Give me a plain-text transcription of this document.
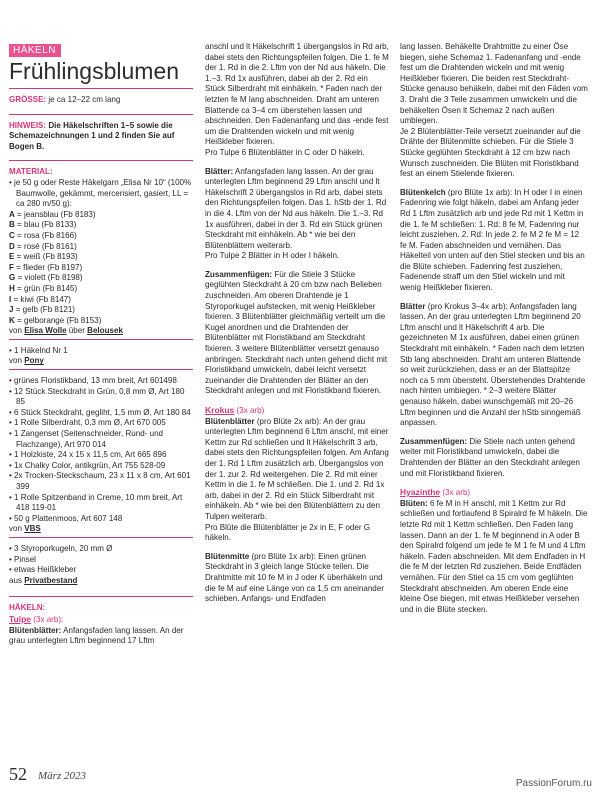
HÄKELN
Frühlingsblumen

GRÖSSE: je ca 12–22 cm lang

HINWEIS: Die Häkelschriften 1–5 sowie die Schemazeichnungen 1 und 2 finden Sie auf Bogen B.

MATERIAL:

• je 50 g oder Reste Häkelgarn „Elisa Nr 10“ (100% Baumwolle, gekämmt, mercerisiert, gasiert, LL = ca 280 m/50 g):

A = jeansblau (Fb 8183)

B = blau (Fb 8133)

C = rosa (Fb 8166)

D = rosé (Fb 8161)

E = weiß (Fb 8193)

F = flieder (Fb 8197)

G = violett (Fb 8198)

H = grün (Fb 8145)

I = kiwi (Fb 8147)

J = gelb (Fb 8121)

K = gelborange (Fb 8153)

von Elisa Wolle über Belousek

• 1 Häkelnd Nr 1

von Pony

• grünes Floristikband, 13 mm breit, Art 601498

• 12 Stück Steckdraht in Grün, 0,8 mm Ø, Art 180 85

• 6 Stück Steckdraht, gegliht, 1,5 mm Ø, Art 180 84

• 1 Rolle Silberdraht, 0,3 mm Ø, Art 670 005

• 1 Zangenset (Seitenschneider, Rund- und Flachzange), Art 970 014

• 1 Holzkiste, 24 x 15 x 11,5 cm, Art 665 896

• 1x Chalky Color, antikgrün, Art 755 528-09

• 2x Trocken-Steckschaum, 23 x 11 x 8 cm, Art 601 399

• 1 Rolle Spitzenband in Creme, 10 mm breit, Art 418 119-01

• 50 g Plattenmoos, Art 607 148

von VBS

• 3 Styroporkugeln, 20 mm Ø

• Pinsel

• etwas Heißkleber

aus Privatbestand

HÄKELN:

Tulpe (3x arb):

Blütenblätter: Anfangsfaden lang lassen. An der grau unterlegten Lftm beginnend 17 Lftm

anschl und lt Häkelschrift 1 übergangslos in Rd arb, dabei stets den Richtungspfeilen folgen. Die 1. fe M der 1. Rd in die 2. Lftm von der Nd aus häkeln. Die 1.–3. Rd 1x ausführen, dabei ab der 2. Rd ein Stück Silberdraht mit einhäkeln. * Faden nach der letzten fe M lang abschneiden. Draht am unteren Blattende ca 3–4 cm überstehen lassen und abschneiden. Den Fadenanfang und das -ende fest um die Drahtenden wickeln und mit wenig Heißkleber fixieren.

Pro Tulpe 6 Blütenblätter in C oder D häkeln.

Blätter: Anfangsfaden lang lassen. An der grau unterlegten Lftm beginnend 29 Lftm anschl und lt Häkelschrift 2 übergangslos in Rd arb, dabei stets den Richtungspfeilen folgen. Das 1. hStb der 1. Rd in die 4. Lftm von der Nd aus häkeln. Die 1.–3. Rd 1x ausführen, dabei in der 3. Rd ein Stück grünen Steckdraht mit einhäkeln. Ab * wie bei den Blütenblättern weiterarb.

Pro Tulpe 2 Blätter in H oder I häkeln.

Zusammenfügen: Für die Stiele 3 Stücke geglühten Steckdraht à 20 cm bzw nach Belieben zuschneiden. Am oberen Drahtende je 1 Styroporkugel aufstecken, mit wenig Heißkleber fixieren. 3 Blütenblätter gleichmäßig verteilt um die Kugel anordnen und die Drahtenden der Blütenblätter mit Floristikband am Steckdraht fixieren. 3 weitere Blütenblätter versetzt genauso anbringen. Steckdraht nach unten gehend dicht mit Floristikband umwickeln, dabei leicht versetzt zueinander die Drahtenden der Blätter an den Steckdraht anlegen und mit Floristikband fixieren.

Krokus (3x arb)

Blütenblätter (pro Blüte 2x arb): An der grau unterlegten Lftm beginnend 6 Lftm anschl, mit einer Kettm zur Rd schließen und lt Häkelschrift 3 arb, dabei stets den Richtungspfeilen folgen. Am Anfang der 1. Rd 1 Lftm zusätzlich arb. Übergangslos von der 1. zur 2. Rd weitergehen. Die 2. Rd mit einer Kettm in die 1. fe M schließen. Die 1. und 2. Rd 1x arb, dabei in der 2. Rd ein Stück Silberdraht mit einhäkeln. Ab * wie bei den Blütenblättern zu den Tulpen weiterarb.

Pro Blüte die Blütenblätter je 2x in E, F oder G häkeln.

Blütenmitte (pro Blüte 1x arb): Einen grünen Steckdraht in 3 gleich lange Stücke teilen. Die Drahtmitte mit 10 fe M in J oder K überhäkeln und die fe M auf eine Länge von ca 1,5 cm aneinander schieben. Anfangs- und Endfaden

lang lassen. Behäkelte Drahtmitte zu einer Öse biegen, siehe Schemaz 1. Fadenanfang und -ende fest um die Drahtenden wickeln und mit wenig Heißkleber fixieren. Die beiden rest Steckdraht-Stücke genauso behäkeln, dabei mit den Fäden vom 3. Draht die 3 Teile zusammen umwickeln und die behäkelten Ösen lt Schemaz 2 nach außen umbiegen.

Je 2 Blütenblätter-Teile versetzt zueinander auf die Drähte der Blütenmitte schieben. Für die Stiele 3 Stücke geglühten Steckdraht à 12 cm bzw nach Wunsch zuschneiden. Die Blüten mit Floristikband fest an einem Stielende fixieren.

Blütenkelch (pro Blüte 1x arb): In H oder I in einen Fadenring wie folgt häkeln, dabei am Anfang jeder Rd 1 Lftm zusätzlich arb und jede Rd mit 1 Kettm in die 1. fe M schließen: 1. Rd: 8 fe M, Fadenring nur leicht zusziehen. 2. Rd: In jede 2. fe M 2 fe M = 12 fe M. Faden abschneiden und vernähen. Das Häkelteil von unten auf den Stiel stecken und bis an die Blüte schieben. Fadenring fest zusziehen, Fadenende straff um den Stiel wickeln und mit wenig Heißkleber fixieren.

Blätter (pro Krokus 3–4x arb): Anfangsfaden lang lassen. An der grau unterlegten Lftm beginnend 20 Lftm anschl und lt Häkelschrift 4 arb. Die gezeichneten M 1x ausführen, dabei einen grünen Steckdraht mit einhäkeln. * Faden nach dem letzten Stb lang abschneiden. Draht am unteren Blattende so weit zurückziehen, dass er an der Blattspitze noch ca 5 mm übersteht. Überstehendes Drahtende nach hinten umbiegen. * 2–3 weitere Blätter genauso häkeln, dabei wunschgemäß mit 20–26 Lftm beginnen und die Anzahl der hStb sinngemäß anpassen.

Zusammenfügen: Die Stiele nach unten gehend weiter mit Floristikband umwickeln, dabei die Drahtenden der Blätter an den Steckdraht anlegen und mit Floristikband fixieren.

Hyazinthe (3x arb)

Blüten: 6 fe M in H anschl, mit 1 Kettm zur Rd schließen und fortlaufend 8 Spiralrd fe M häkeln. Die letzte Rd mit 1 Kettm schließen. Den Faden lang lassen. Dann an der 1. fe M beginnend in A oder B den Spiralrd folgend um jede fe M 1 fe M und 4 Lftm häkeln. Faden abschneiden. Mit dem Endfaden in H die fe M der letzten Rd zusziehen. Beide Endfäden vernähen. Für den Stiel ca 15 cm vom geglühten Steckdraht abschneiden. Am oberen Ende eine kleine Öse biegen, mit etwas Heißkleber versehen und in die Blüte stecken.

52 März 2023
PassionForum.ru
